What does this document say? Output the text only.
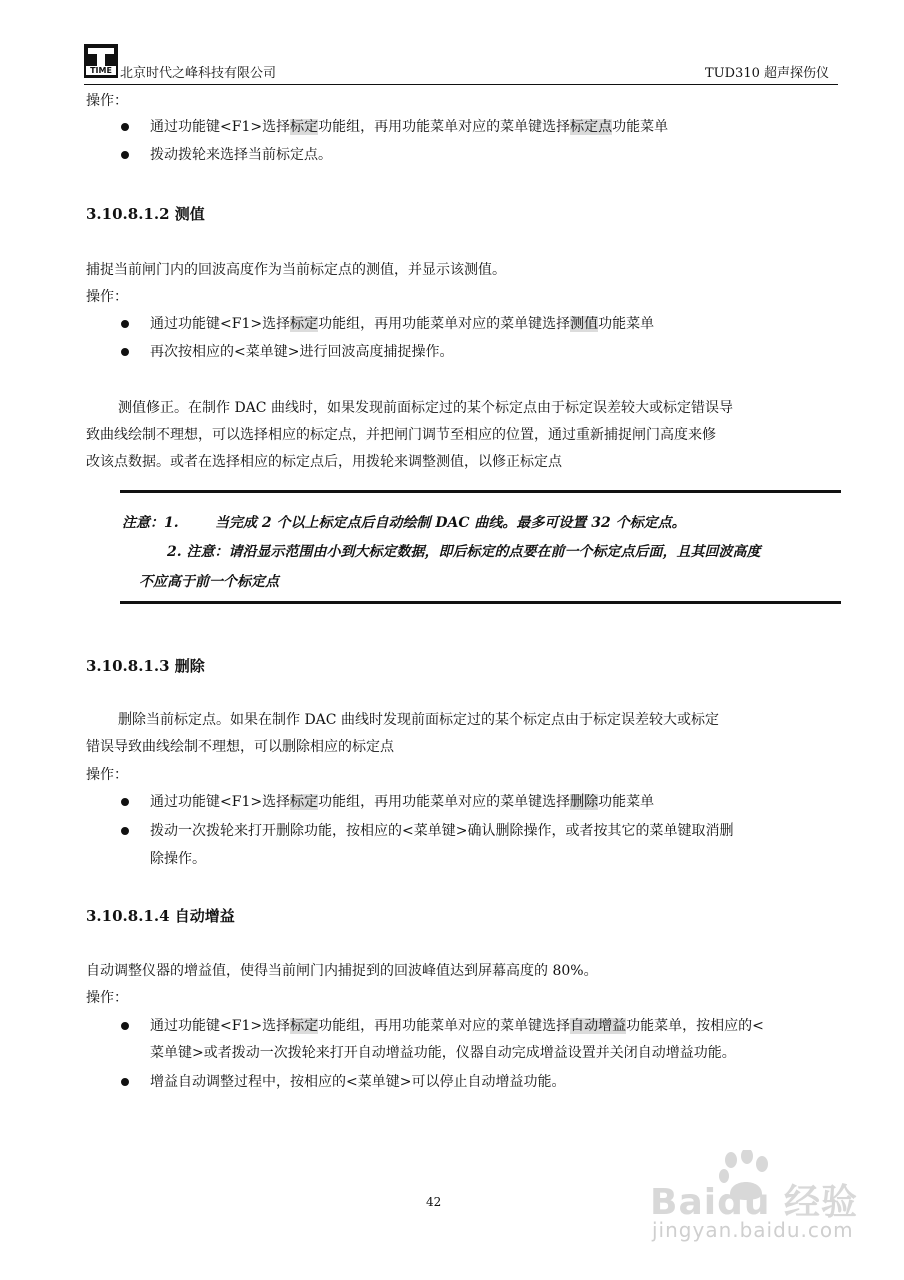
TIME 北京时代之峰科技有限公司	TUD310 超声探伤仪
操作：
通过功能键<F1>选择标定功能组，再用功能菜单对应的菜单键选择标定点功能菜单
拨动拨轮来选择当前标定点。
3.10.8.1.2 测值
捕捉当前闸门内的回波高度作为当前标定点的测值，并显示该测值。
操作：
通过功能键<F1>选择标定功能组，再用功能菜单对应的菜单键选择测值功能菜单
再次按相应的<菜单键>进行回波高度捕捉操作。
测值修正。在制作 DAC 曲线时，如果发现前面标定过的某个标定点由于标定误差较大或标定错误导
致曲线绘制不理想，可以选择相应的标定点，并把闸门调节至相应的位置，通过重新捕捉闸门高度来修
改该点数据。或者在选择相应的标定点后，用拨轮来调整测值，以修正标定点
注意：1.	当完成 2 个以上标定点后自动绘制 DAC 曲线。最多可设置 32 个标定点。
2. 注意：请沿显示范围由小到大标定数据，即后标定的点要在前一个标定点后面，且其回波高度
不应高于前一个标定点
3.10.8.1.3 删除
删除当前标定点。如果在制作 DAC 曲线时发现前面标定过的某个标定点由于标定误差较大或标定
错误导致曲线绘制不理想，可以删除相应的标定点
操作：
通过功能键<F1>选择标定功能组，再用功能菜单对应的菜单键选择删除功能菜单
拨动一次拨轮来打开删除功能，按相应的<菜单键>确认删除操作，或者按其它的菜单键取消删
除操作。
3.10.8.1.4 自动增益
自动调整仪器的增益值，使得当前闸门内捕捉到的回波峰值达到屏幕高度的 80%。
操作：
通过功能键<F1>选择标定功能组，再用功能菜单对应的菜单键选择自动增益功能菜单，按相应的<
菜单键>或者拨动一次拨轮来打开自动增益功能，仪器自动完成增益设置并关闭自动增益功能。
增益自动调整过程中，按相应的<菜单键>可以停止自动增益功能。
42	Baidu 经验
jingyan.baidu.com
